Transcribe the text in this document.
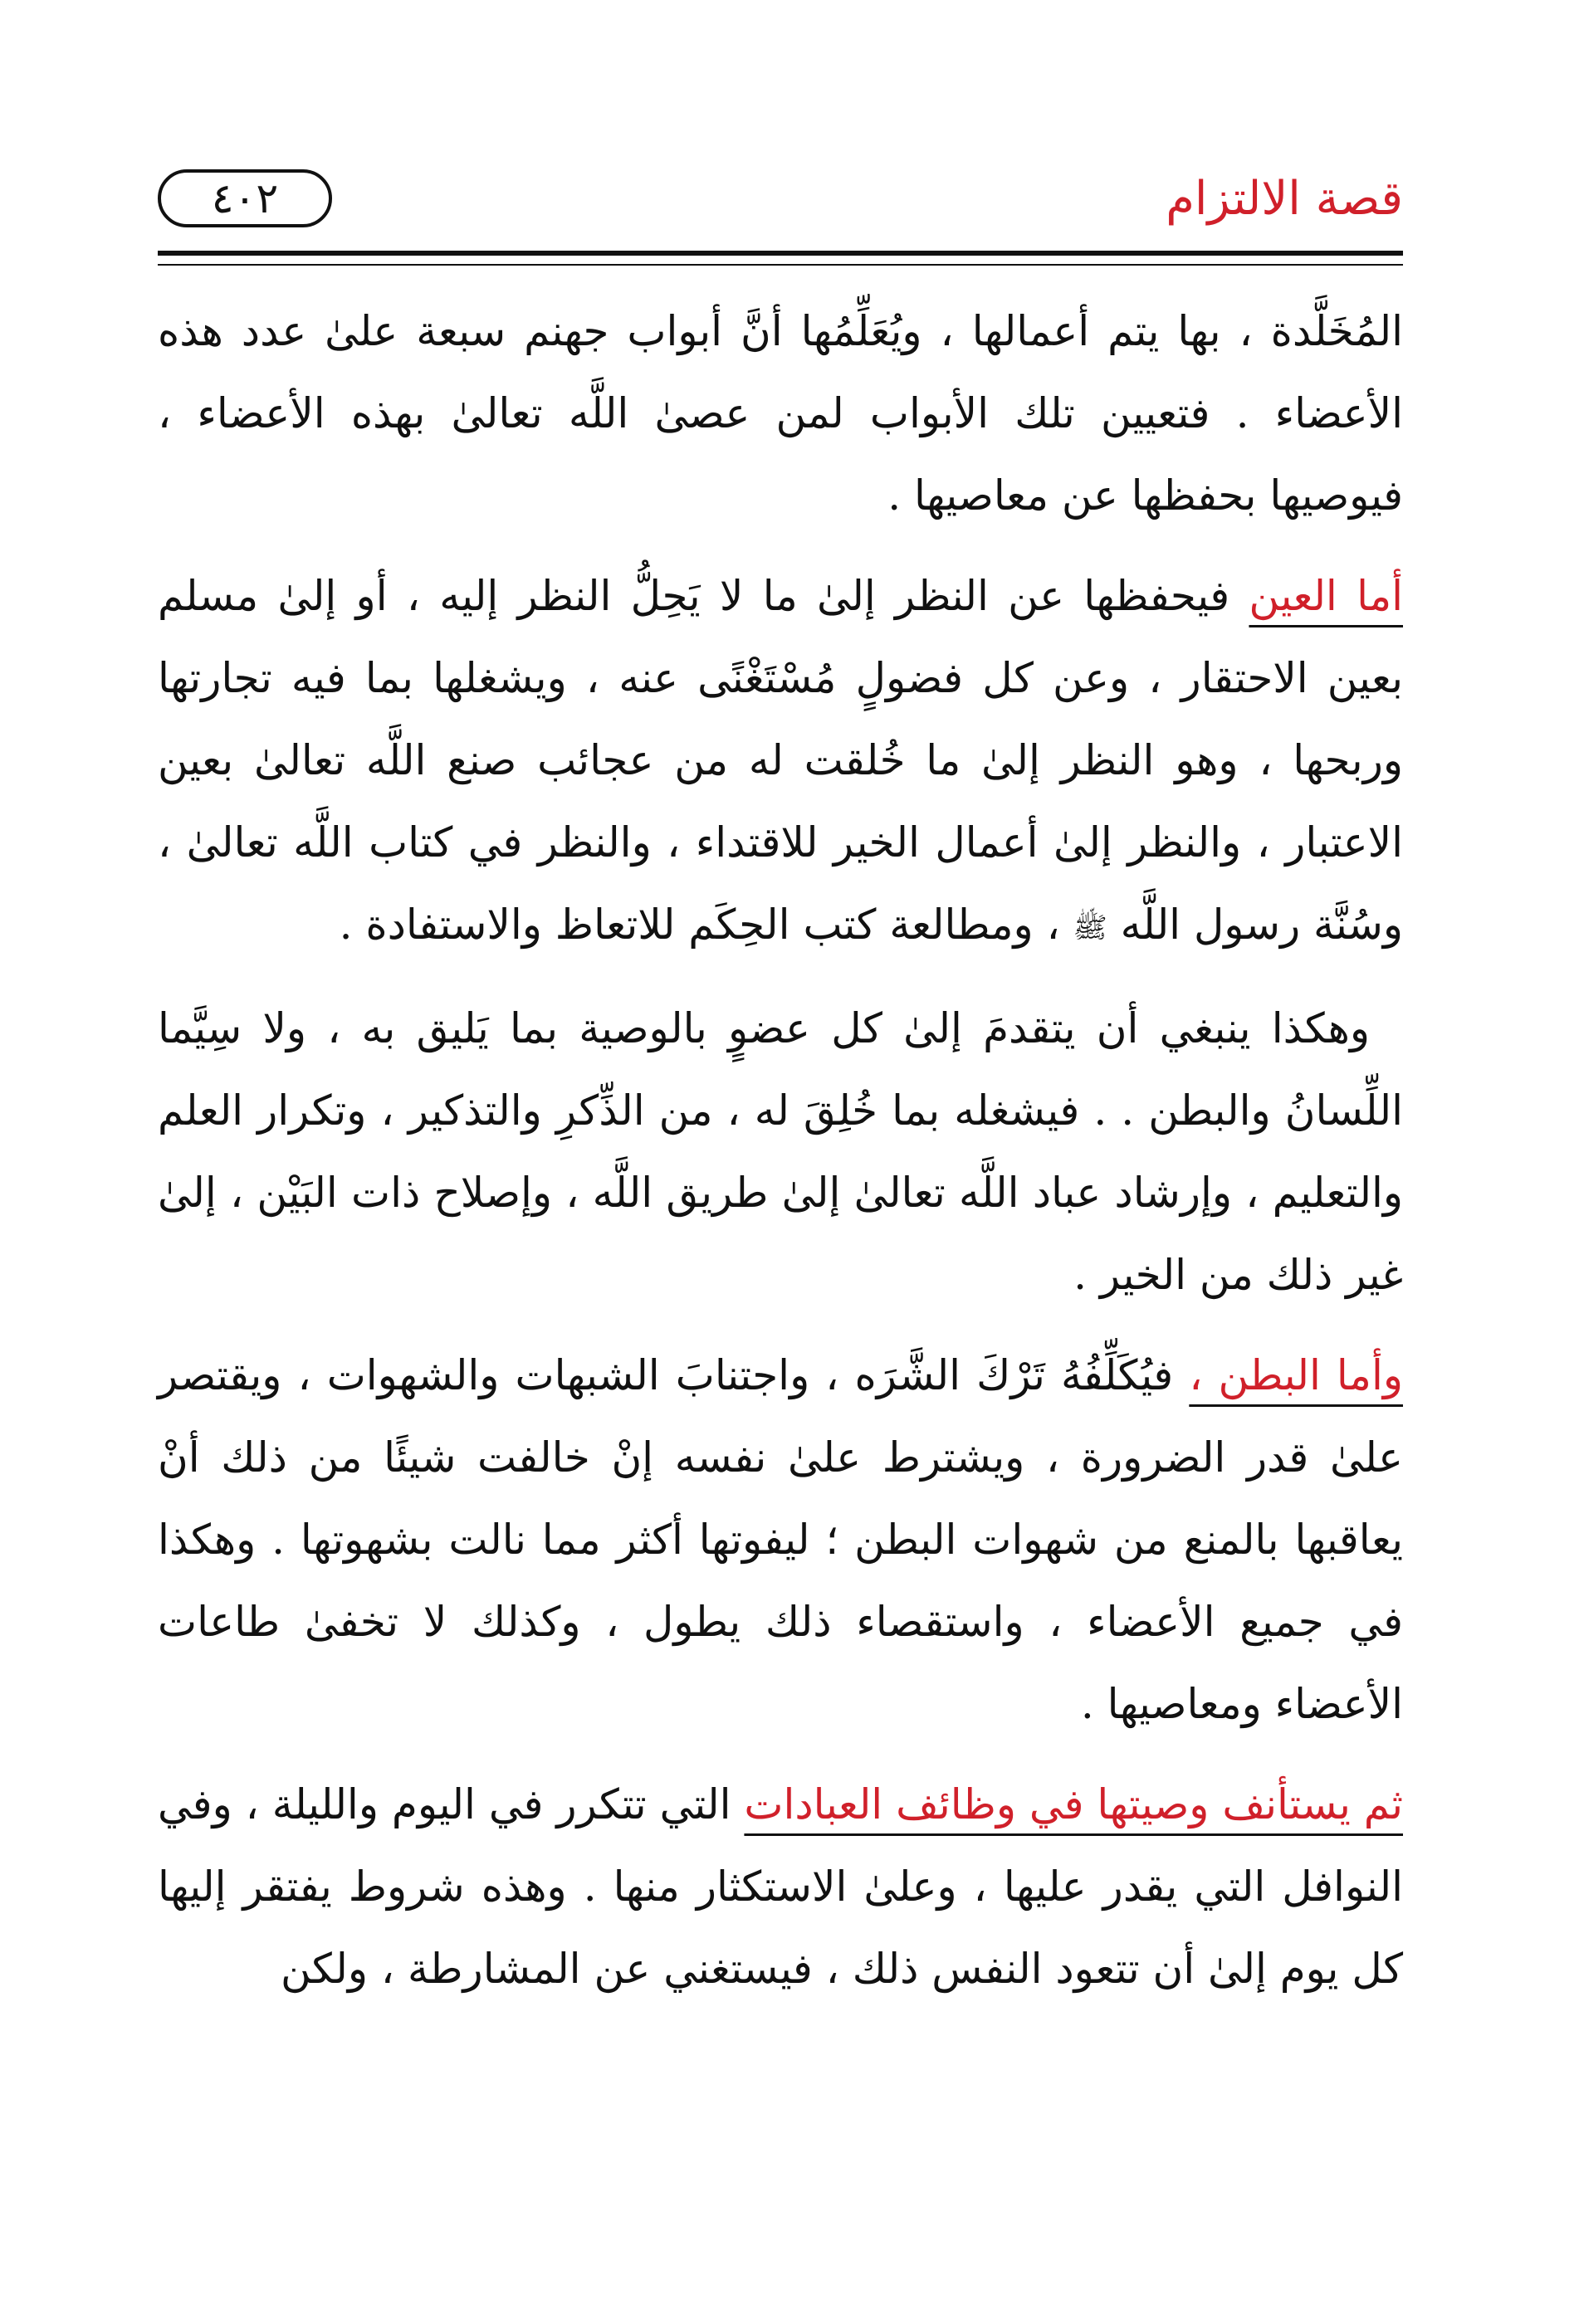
قصة الالتزام
٤٠٢

المُخَلَّدة ، بها يتم أعمالها ، ويُعَلِّمُها أنَّ أبواب جهنم سبعة علىٰ عدد هذه الأعضاء . فتعيين تلك الأبواب لمن عصىٰ اللَّه تعالىٰ بهذه الأعضاء ، فيوصيها بحفظها عن معاصيها .

أما العين فيحفظها عن النظر إلىٰ ما لا يَحِلُّ النظر إليه ، أو إلىٰ مسلم بعين الاحتقار ، وعن كل فضولٍ مُسْتَغْنًى عنه ، ويشغلها بما فيه تجارتها وربحها ، وهو النظر إلىٰ ما خُلقت له من عجائب صنع اللَّه تعالىٰ بعين الاعتبار ، والنظر إلىٰ أعمال الخير للاقتداء ، والنظر في كتاب اللَّه تعالىٰ ، وسُنَّة رسول اللَّه ﷺ ، ومطالعة كتب الحِكَم للاتعاظ والاستفادة .

وهكذا ينبغي أن يتقدمَ إلىٰ كل عضوٍ بالوصية بما يَليق به ، ولا سِيَّما اللِّسانُ والبطن . . فيشغله بما خُلِقَ له ، من الذِّكرِ والتذكير ، وتكرار العلم والتعليم ، وإرشاد عباد اللَّه تعالىٰ إلىٰ طريق اللَّه ، وإصلاح ذات البَيْن ، إلىٰ غير ذلك من الخير .

وأما البطن ، فيُكَلِّفُهُ تَرْكَ الشَّرَه ، واجتنابَ الشبهات والشهوات ، ويقتصر علىٰ قدر الضرورة ، ويشترط علىٰ نفسه إنْ خالفت شيئًا من ذلك أنْ يعاقبها بالمنع من شهوات البطن ؛ ليفوتها أكثر مما نالت بشهوتها . وهكذا في جميع الأعضاء ، واستقصاء ذلك يطول ، وكذلك لا تخفىٰ طاعات الأعضاء ومعاصيها .

ثم يستأنف وصيتها في وظائف العبادات التي تتكرر في اليوم والليلة ، وفي النوافل التي يقدر عليها ، وعلىٰ الاستكثار منها . وهذه شروط يفتقر إليها كل يوم إلىٰ أن تتعود النفس ذلك ، فيستغني عن المشارطة ، ولكن
